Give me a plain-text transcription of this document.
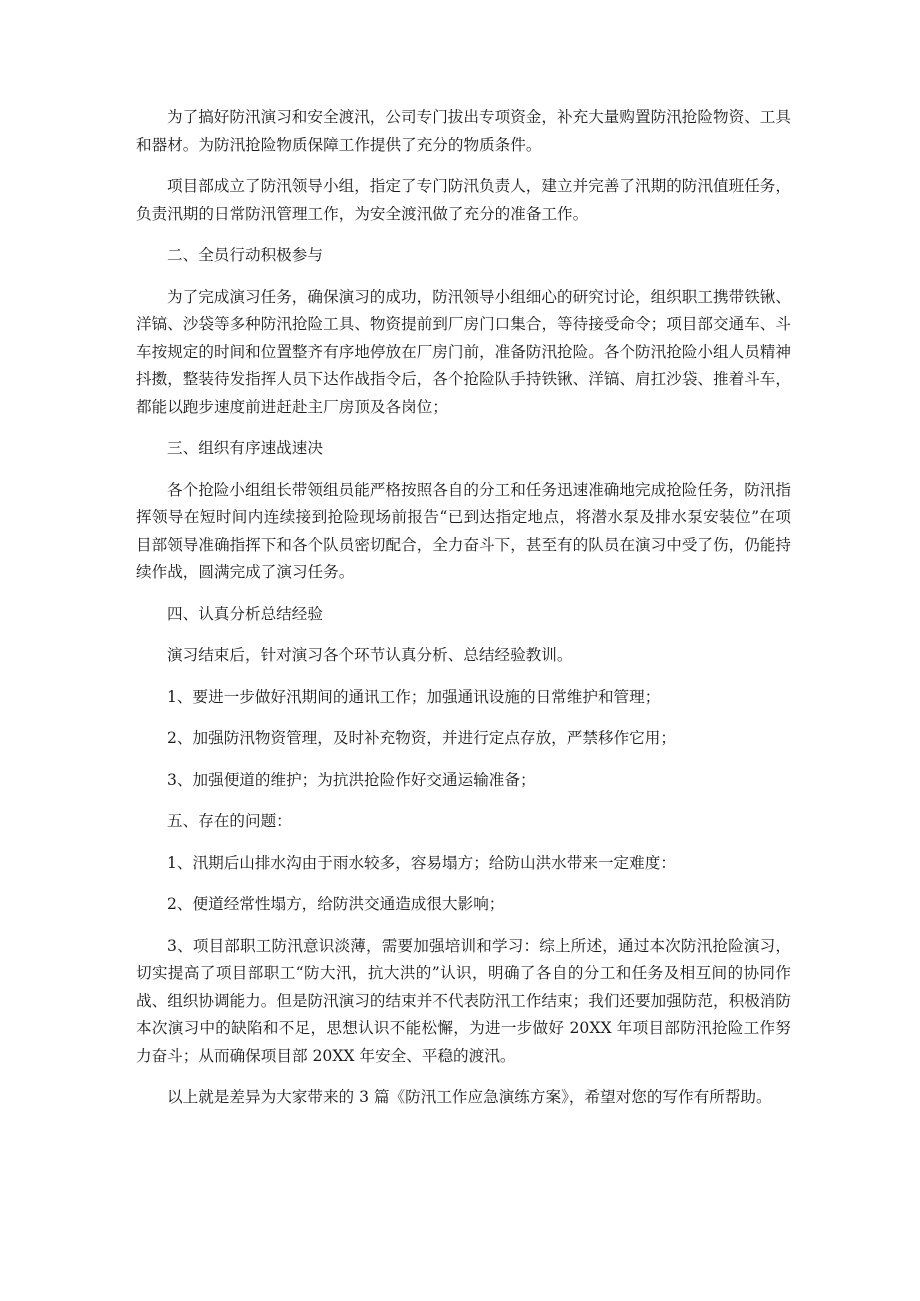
为了搞好防汛演习和安全渡汛，公司专门拔出专项资金，补充大量购置防汛抢险物资、工具和器材。为防汛抢险物质保障工作提供了充分的物质条件。

项目部成立了防汛领导小组，指定了专门防汛负责人，建立并完善了汛期的防汛值班任务，负责汛期的日常防汛管理工作，为安全渡汛做了充分的准备工作。

二、全员行动积极参与

为了完成演习任务，确保演习的成功，防汛领导小组细心的研究讨论，组织职工携带铁锹、洋镐、沙袋等多种防汛抢险工具、物资提前到厂房门口集合，等待接受命令；项目部交通车、斗车按规定的时间和位置整齐有序地停放在厂房门前，准备防汛抢险。各个防汛抢险小组人员精神抖擞，整装待发指挥人员下达作战指令后，各个抢险队手持铁锹、洋镐、肩扛沙袋、推着斗车，都能以跑步速度前进赶赴主厂房顶及各岗位；

三、组织有序速战速决

各个抢险小组组长带领组员能严格按照各自的分工和任务迅速准确地完成抢险任务，防汛指挥领导在短时间内连续接到抢险现场前报告“已到达指定地点，将潜水泵及排水泵安装位”在项目部领导准确指挥下和各个队员密切配合，全力奋斗下，甚至有的队员在演习中受了伤，仍能持续作战，圆满完成了演习任务。

四、认真分析总结经验

演习结束后，针对演习各个环节认真分析、总结经验教训。

1、要进一步做好汛期间的通讯工作；加强通讯设施的日常维护和管理；

2、加强防汛物资管理，及时补充物资，并进行定点存放，严禁移作它用；

3、加强便道的维护；为抗洪抢险作好交通运输准备；

五、存在的问题：

1、汛期后山排水沟由于雨水较多，容易塌方；给防山洪水带来一定难度：

2、便道经常性塌方，给防洪交通造成很大影响；

3、项目部职工防汛意识淡薄，需要加强培训和学习：综上所述，通过本次防汛抢险演习，切实提高了项目部职工“防大汛，抗大洪的”认识，明确了各自的分工和任务及相互间的协同作战、组织协调能力。但是防汛演习的结束并不代表防汛工作结束；我们还要加强防范，积极消防本次演习中的缺陷和不足，思想认识不能松懈，为进一步做好 20XX 年项目部防汛抢险工作努力奋斗；从而确保项目部 20XX 年安全、平稳的渡汛。

以上就是差异为大家带来的 3 篇《防汛工作应急演练方案》，希望对您的写作有所帮助。
